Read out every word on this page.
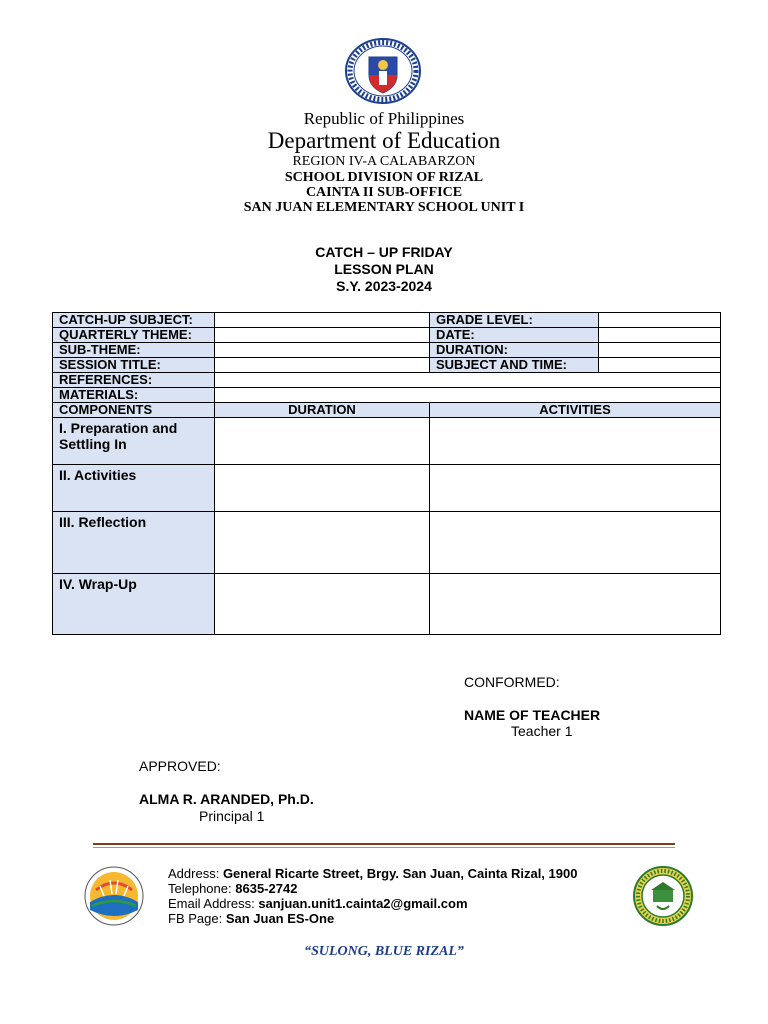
Republic of Philippines
Department of Education
REGION IV-A CALABARZON
SCHOOL DIVISION OF RIZAL
CAINTA II SUB-OFFICE
SAN JUAN ELEMENTARY SCHOOL UNIT I
CATCH – UP FRIDAY
LESSON PLAN
S.Y. 2023-2024
CATCH-UP SUBJECT:		GRADE LEVEL:	
QUARTERLY THEME:		DATE:	
SUB-THEME:		DURATION:	
SESSION TITLE:		SUBJECT AND TIME:	
REFERENCES:			
MATERIALS:			
COMPONENTS	DURATION	ACTIVITIES	
I. Preparation and Settling In			
II. Activities			
III. Reflection			
IV. Wrap-Up			
CONFORMED:
NAME OF TEACHER
Teacher 1
APPROVED:
ALMA R. ARANDED, Ph.D.
Principal 1
Address: General Ricarte Street, Brgy. San Juan, Cainta Rizal, 1900
Telephone: 8635-2742
Email Address: sanjuan.unit1.cainta2@gmail.com
FB Page: San Juan ES-One
“SULONG, BLUE RIZAL”
